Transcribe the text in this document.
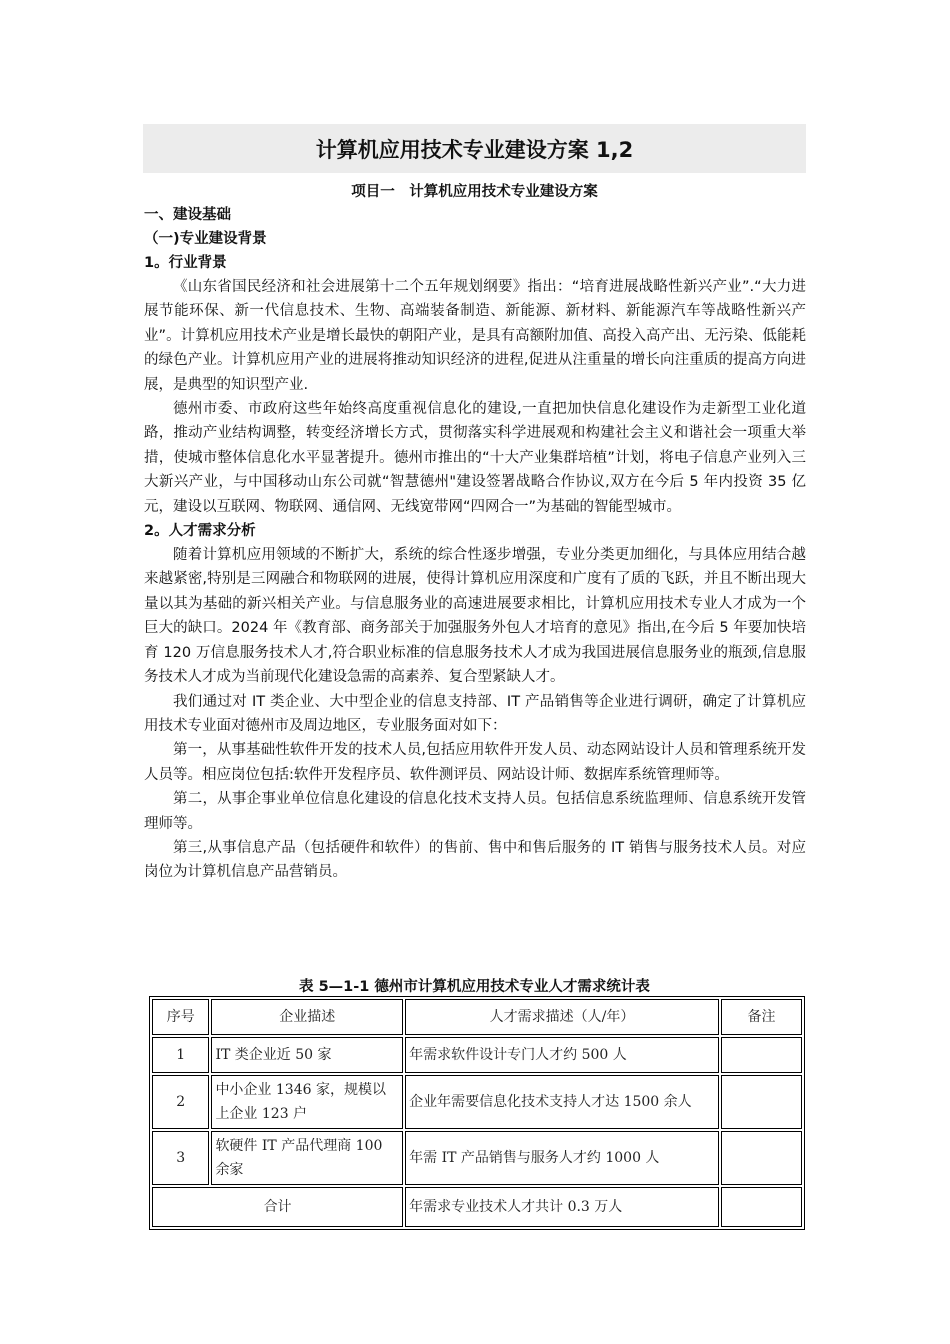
计算机应用技术专业建设方案 1,2
项目一　计算机应用技术专业建设方案
一、建设基础
（一)专业建设背景
1。行业背景

《山东省国民经济和社会进展第十二个五年规划纲要》指出：“培育进展战略性新兴产业”.“大力进展节能环保、新一代信息技术、生物、高端装备制造、新能源、新材料、新能源汽车等战略性新兴产业”。计算机应用技术产业是增长最快的朝阳产业，是具有高额附加值、高投入高产出、无污染、低能耗的绿色产业。计算机应用产业的进展将推动知识经济的进程,促进从注重量的增长向注重质的提高方向进展，是典型的知识型产业.

德州市委、市政府这些年始终高度重视信息化的建设,一直把加快信息化建设作为走新型工业化道路，推动产业结构调整，转变经济增长方式，贯彻落实科学进展观和构建社会主义和谐社会一项重大举措，使城市整体信息化水平显著提升。德州市推出的“十大产业集群培植”计划，将电子信息产业列入三大新兴产业，与中国移动山东公司就“智慧德州"建设签署战略合作协议,双方在今后 5 年内投资 35 亿元，建设以互联网、物联网、通信网、无线宽带网“四网合一”为基础的智能型城市。

2。人才需求分析

随着计算机应用领域的不断扩大，系统的综合性逐步增强，专业分类更加细化，与具体应用结合越来越紧密,特别是三网融合和物联网的进展，使得计算机应用深度和广度有了质的飞跃，并且不断出现大量以其为基础的新兴相关产业。与信息服务业的高速进展要求相比，计算机应用技术专业人才成为一个巨大的缺口。2024 年《教育部、商务部关于加强服务外包人才培育的意见》指出,在今后 5 年要加快培育 120 万信息服务技术人才,符合职业标准的信息服务技术人才成为我国进展信息服务业的瓶颈,信息服务技术人才成为当前现代化建设急需的高素养、复合型紧缺人才。

我们通过对 IT 类企业、大中型企业的信息支持部、IT 产品销售等企业进行调研，确定了计算机应用技术专业面对德州市及周边地区，专业服务面对如下：

第一，从事基础性软件开发的技术人员,包括应用软件开发人员、动态网站设计人员和管理系统开发人员等。相应岗位包括:软件开发程序员、软件测评员、网站设计师、数据库系统管理师等。

第二，从事企事业单位信息化建设的信息化技术支持人员。包括信息系统监理师、信息系统开发管理师等。

第三,从事信息产品（包括硬件和软件）的售前、售中和售后服务的 IT 销售与服务技术人员。对应岗位为计算机信息产品营销员。

表 5—1-1 德州市计算机应用技术专业人才需求统计表
序号	企业描述	人才需求描述（人/年）	备注
1	IT 类企业近 50 家	年需求软件设计专门人才约 500 人	
2	中小企业 1346 家，规模以上企业 123 户	企业年需要信息化技术支持人才达 1500 余人	
3	软硬件 IT 产品代理商 100 余家	年需 IT 产品销售与服务人才约 1000 人	
合计		年需求专业技术人才共计 0.3 万人	
